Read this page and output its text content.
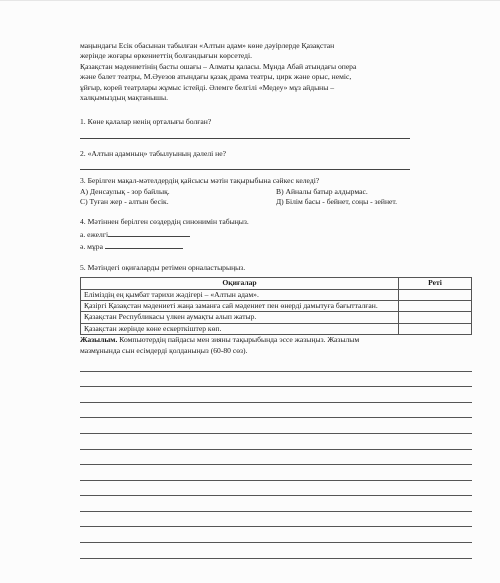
маңындағы Есік обасынан табылған «Алтын адам» көне дәуірлерде Қазақстан

жерінде жоғары өркениеттің болғандығын көрсетеді.

Қазақстан мәдениетінің басты ошағы – Алматы қаласы. Мұнда Абай атындағы опера

және балет театры, М.Әуезов атындағы қазақ драма театры, цирк және орыс, неміс,

ұйғыр, корей театрлары жұмыс істейді. Әлемге белгілі «Медеу» мұз айдыны –

халқымыздың мақтанышы.

1. Көне қалалар ненің орталығы болған?

2. «Алтын адамның» табылуының дәлелі не?

3. Берілген мақал-мәтелдердің қайсысы мәтін тақырыбына сәйкес келеді?

А) Денсаулық - зор байлық.	В) Айналы батыр алдырмас.
С) Туған жер - алтын бесік.	Д) Білім басы - бейнет, соңы - зейнет.

4. Мәтіннен берілген сөздердің синонимін табыңыз.

а. ежелгі

ә. мұра

5. Мәтіндегі оқиғаларды ретімен орналастырыңыз.

Оқиғалар	Реті
Еліміздің ең қымбат тарихи жәдігері – «Алтын адам».	
Қазіргі Қазақстан мәдениеті жаңа заманға сай мәдениет пен өнерді дамытуға бағытталған.	
Қазақстан Республикасы үлкен аумақты алып жатыр.	
Қазақстан жерінде көне ескерткіштер көп.	

Жазылым. Компьютердің пайдасы мен зияны тақырыбында эссе жазыңыз. Жазылым

мазмұнында сын есімдерді қолданыңыз (60-80 сөз).
